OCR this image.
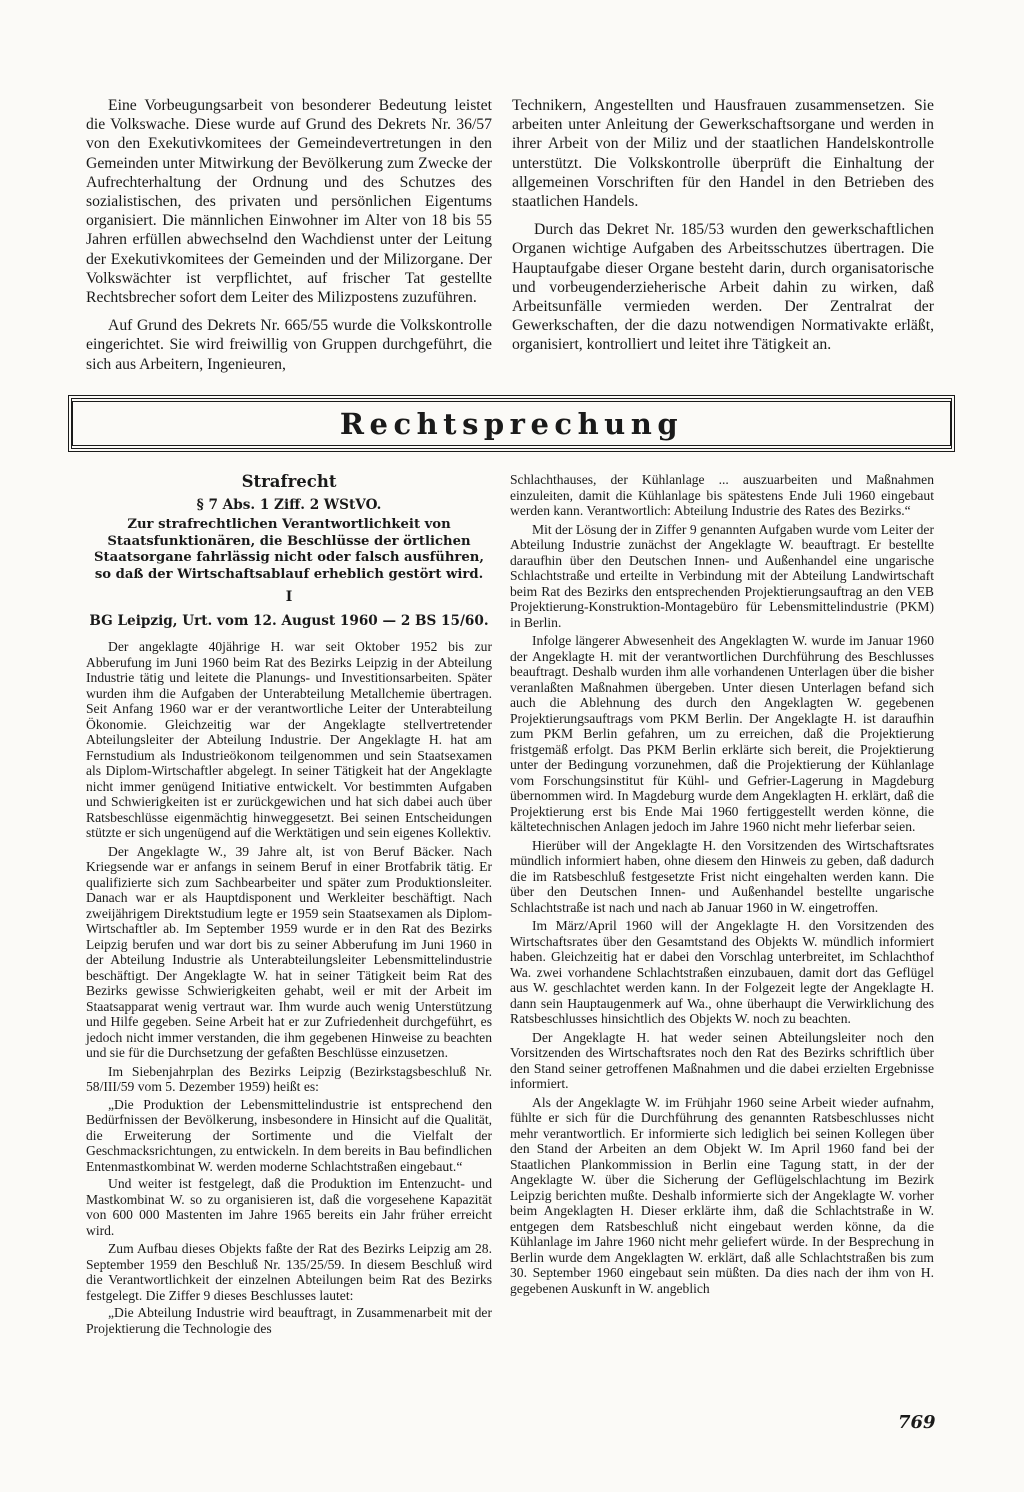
Eine Vorbeugungsarbeit von besonderer Bedeutung leistet die Volkswache. Diese wurde auf Grund des Dekrets Nr. 36/57 von den Exekutivkomitees der Gemeindevertretungen in den Gemeinden unter Mitwirkung der Bevölkerung zum Zwecke der Aufrechterhaltung der Ordnung und des Schutzes des sozialistischen, des privaten und persönlichen Eigentums organisiert. Die männlichen Einwohner im Alter von 18 bis 55 Jahren erfüllen abwechselnd den Wachdienst unter der Leitung der Exekutivkomitees der Gemeinden und der Milizorgane. Der Volkswächter ist verpflichtet, auf frischer Tat gestellte Rechtsbrecher sofort dem Leiter des Milizpostens zuzuführen.

Auf Grund des Dekrets Nr. 665/55 wurde die Volkskontrolle eingerichtet. Sie wird freiwillig von Gruppen durchgeführt, die sich aus Arbeitern, Ingenieuren,

Technikern, Angestellten und Hausfrauen zusammensetzen. Sie arbeiten unter Anleitung der Gewerkschaftsorgane und werden in ihrer Arbeit von der Miliz und der staatlichen Handelskontrolle unterstützt. Die Volkskontrolle überprüft die Einhaltung der allgemeinen Vorschriften für den Handel in den Betrieben des staatlichen Handels.

Durch das Dekret Nr. 185/53 wurden den gewerkschaftlichen Organen wichtige Aufgaben des Arbeitsschutzes übertragen. Die Hauptaufgabe dieser Organe besteht darin, durch organisatorische und vorbeugenderzieherische Arbeit dahin zu wirken, daß Arbeitsunfälle vermieden werden. Der Zentralrat der Gewerkschaften, der die dazu notwendigen Normativakte erläßt, organisiert, kontrolliert und leitet ihre Tätigkeit an.

Rechtsprechung
Strafrecht
§ 7 Abs. 1 Ziff. 2 WStVO.
Zur strafrechtlichen Verantwortlichkeit von Staatsfunktionären, die Beschlüsse der örtlichen Staatsorgane fahrlässig nicht oder falsch ausführen, so daß der Wirtschaftsablauf erheblich gestört wird.
I
BG Leipzig, Urt. vom 12. August 1960 — 2 BS 15/60.

Der angeklagte 40jährige H. war seit Oktober 1952 bis zur Abberufung im Juni 1960 beim Rat des Bezirks Leipzig in der Abteilung Industrie tätig und leitete die Planungs- und Investitionsarbeiten. Später wurden ihm die Aufgaben der Unterabteilung Metallchemie übertragen. Seit Anfang 1960 war er der verantwortliche Leiter der Unterabteilung Ökonomie. Gleichzeitig war der Angeklagte stellvertretender Abteilungsleiter der Abteilung Industrie. Der Angeklagte H. hat am Fernstudium als Industrieökonom teilgenommen und sein Staatsexamen als Diplom-Wirtschaftler abgelegt. In seiner Tätigkeit hat der Angeklagte nicht immer genügend Initiative entwickelt. Vor bestimmten Aufgaben und Schwierigkeiten ist er zurückgewichen und hat sich dabei auch über Ratsbeschlüsse eigenmächtig hinweggesetzt. Bei seinen Entscheidungen stützte er sich ungenügend auf die Werktätigen und sein eigenes Kollektiv.

Der Angeklagte W., 39 Jahre alt, ist von Beruf Bäcker. Nach Kriegsende war er anfangs in seinem Beruf in einer Brotfabrik tätig. Er qualifizierte sich zum Sachbearbeiter und später zum Produktionsleiter. Danach war er als Hauptdisponent und Werkleiter beschäftigt. Nach zweijährigem Direktstudium legte er 1959 sein Staatsexamen als Diplom-Wirtschaftler ab. Im September 1959 wurde er in den Rat des Bezirks Leipzig berufen und war dort bis zu seiner Abberufung im Juni 1960 in der Abteilung Industrie als Unterabteilungsleiter Lebensmittelindustrie beschäftigt. Der Angeklagte W. hat in seiner Tätigkeit beim Rat des Bezirks gewisse Schwierigkeiten gehabt, weil er mit der Arbeit im Staatsapparat wenig vertraut war. Ihm wurde auch wenig Unterstützung und Hilfe gegeben. Seine Arbeit hat er zur Zufriedenheit durchgeführt, es jedoch nicht immer verstanden, die ihm gegebenen Hinweise zu beachten und sie für die Durchsetzung der gefaßten Beschlüsse einzusetzen.

Im Siebenjahrplan des Bezirks Leipzig (Bezirkstagsbeschluß Nr. 58/III/59 vom 5. Dezember 1959) heißt es:

„Die Produktion der Lebensmittelindustrie ist entsprechend den Bedürfnissen der Bevölkerung, insbesondere in Hinsicht auf die Qualität, die Erweiterung der Sortimente und die Vielfalt der Geschmacksrichtungen, zu entwickeln. In dem bereits in Bau befindlichen Entenmastkombinat W. werden moderne Schlachtstraßen eingebaut.“

Und weiter ist festgelegt, daß die Produktion im Entenzucht- und Mastkombinat W. so zu organisieren ist, daß die vorgesehene Kapazität von 600 000 Mastenten im Jahre 1965 bereits ein Jahr früher erreicht wird.

Zum Aufbau dieses Objekts faßte der Rat des Bezirks Leipzig am 28. September 1959 den Beschluß Nr. 135/25/59. In diesem Beschluß wird die Verantwortlichkeit der einzelnen Abteilungen beim Rat des Bezirks festgelegt. Die Ziffer 9 dieses Beschlusses lautet:

„Die Abteilung Industrie wird beauftragt, in Zusammenarbeit mit der Projektierung die Technologie des

Schlachthauses, der Kühlanlage ... auszuarbeiten und Maßnahmen einzuleiten, damit die Kühlanlage bis spätestens Ende Juli 1960 eingebaut werden kann. Verantwortlich: Abteilung Industrie des Rates des Bezirks.“

Mit der Lösung der in Ziffer 9 genannten Aufgaben wurde vom Leiter der Abteilung Industrie zunächst der Angeklagte W. beauftragt. Er bestellte daraufhin über den Deutschen Innen- und Außenhandel eine ungarische Schlachtstraße und erteilte in Verbindung mit der Abteilung Landwirtschaft beim Rat des Bezirks den entsprechenden Projektierungsauftrag an den VEB Projektierung-Konstruktion-Montagebüro für Lebensmittelindustrie (PKM) in Berlin.

Infolge längerer Abwesenheit des Angeklagten W. wurde im Januar 1960 der Angeklagte H. mit der verantwortlichen Durchführung des Beschlusses beauftragt. Deshalb wurden ihm alle vorhandenen Unterlagen über die bisher veranlaßten Maßnahmen übergeben. Unter diesen Unterlagen befand sich auch die Ablehnung des durch den Angeklagten W. gegebenen Projektierungsauftrags vom PKM Berlin. Der Angeklagte H. ist daraufhin zum PKM Berlin gefahren, um zu erreichen, daß die Projektierung fristgemäß erfolgt. Das PKM Berlin erklärte sich bereit, die Projektierung unter der Bedingung vorzunehmen, daß die Projektierung der Kühlanlage vom Forschungsinstitut für Kühl- und Gefrier-Lagerung in Magdeburg übernommen wird. In Magdeburg wurde dem Angeklagten H. erklärt, daß die Projektierung erst bis Ende Mai 1960 fertiggestellt werden könne, die kältetechnischen Anlagen jedoch im Jahre 1960 nicht mehr lieferbar seien.

Hierüber will der Angeklagte H. den Vorsitzenden des Wirtschaftsrates mündlich informiert haben, ohne diesem den Hinweis zu geben, daß dadurch die im Ratsbeschluß festgesetzte Frist nicht eingehalten werden kann. Die über den Deutschen Innen- und Außenhandel bestellte ungarische Schlachtstraße ist nach und nach ab Januar 1960 in W. eingetroffen.

Im März/April 1960 will der Angeklagte H. den Vorsitzenden des Wirtschaftsrates über den Gesamtstand des Objekts W. mündlich informiert haben. Gleichzeitig hat er dabei den Vorschlag unterbreitet, im Schlachthof Wa. zwei vorhandene Schlachtstraßen einzubauen, damit dort das Geflügel aus W. geschlachtet werden kann. In der Folgezeit legte der Angeklagte H. dann sein Hauptaugenmerk auf Wa., ohne überhaupt die Verwirklichung des Ratsbeschlusses hinsichtlich des Objekts W. noch zu beachten.

Der Angeklagte H. hat weder seinen Abteilungsleiter noch den Vorsitzenden des Wirtschaftsrates noch den Rat des Bezirks schriftlich über den Stand seiner getroffenen Maßnahmen und die dabei erzielten Ergebnisse informiert.

Als der Angeklagte W. im Frühjahr 1960 seine Arbeit wieder aufnahm, fühlte er sich für die Durchführung des genannten Ratsbeschlusses nicht mehr verantwortlich. Er informierte sich lediglich bei seinen Kollegen über den Stand der Arbeiten an dem Objekt W. Im April 1960 fand bei der Staatlichen Plankommission in Berlin eine Tagung statt, in der der Angeklagte W. über die Sicherung der Geflügelschlachtung im Bezirk Leipzig berichten mußte. Deshalb informierte sich der Angeklagte W. vorher beim Angeklagten H. Dieser erklärte ihm, daß die Schlachtstraße in W. entgegen dem Ratsbeschluß nicht eingebaut werden könne, da die Kühlanlage im Jahre 1960 nicht mehr geliefert würde. In der Besprechung in Berlin wurde dem Angeklagten W. erklärt, daß alle Schlachtstraßen bis zum 30. September 1960 eingebaut sein müßten. Da dies nach der ihm von H. gegebenen Auskunft in W. angeblich

769
